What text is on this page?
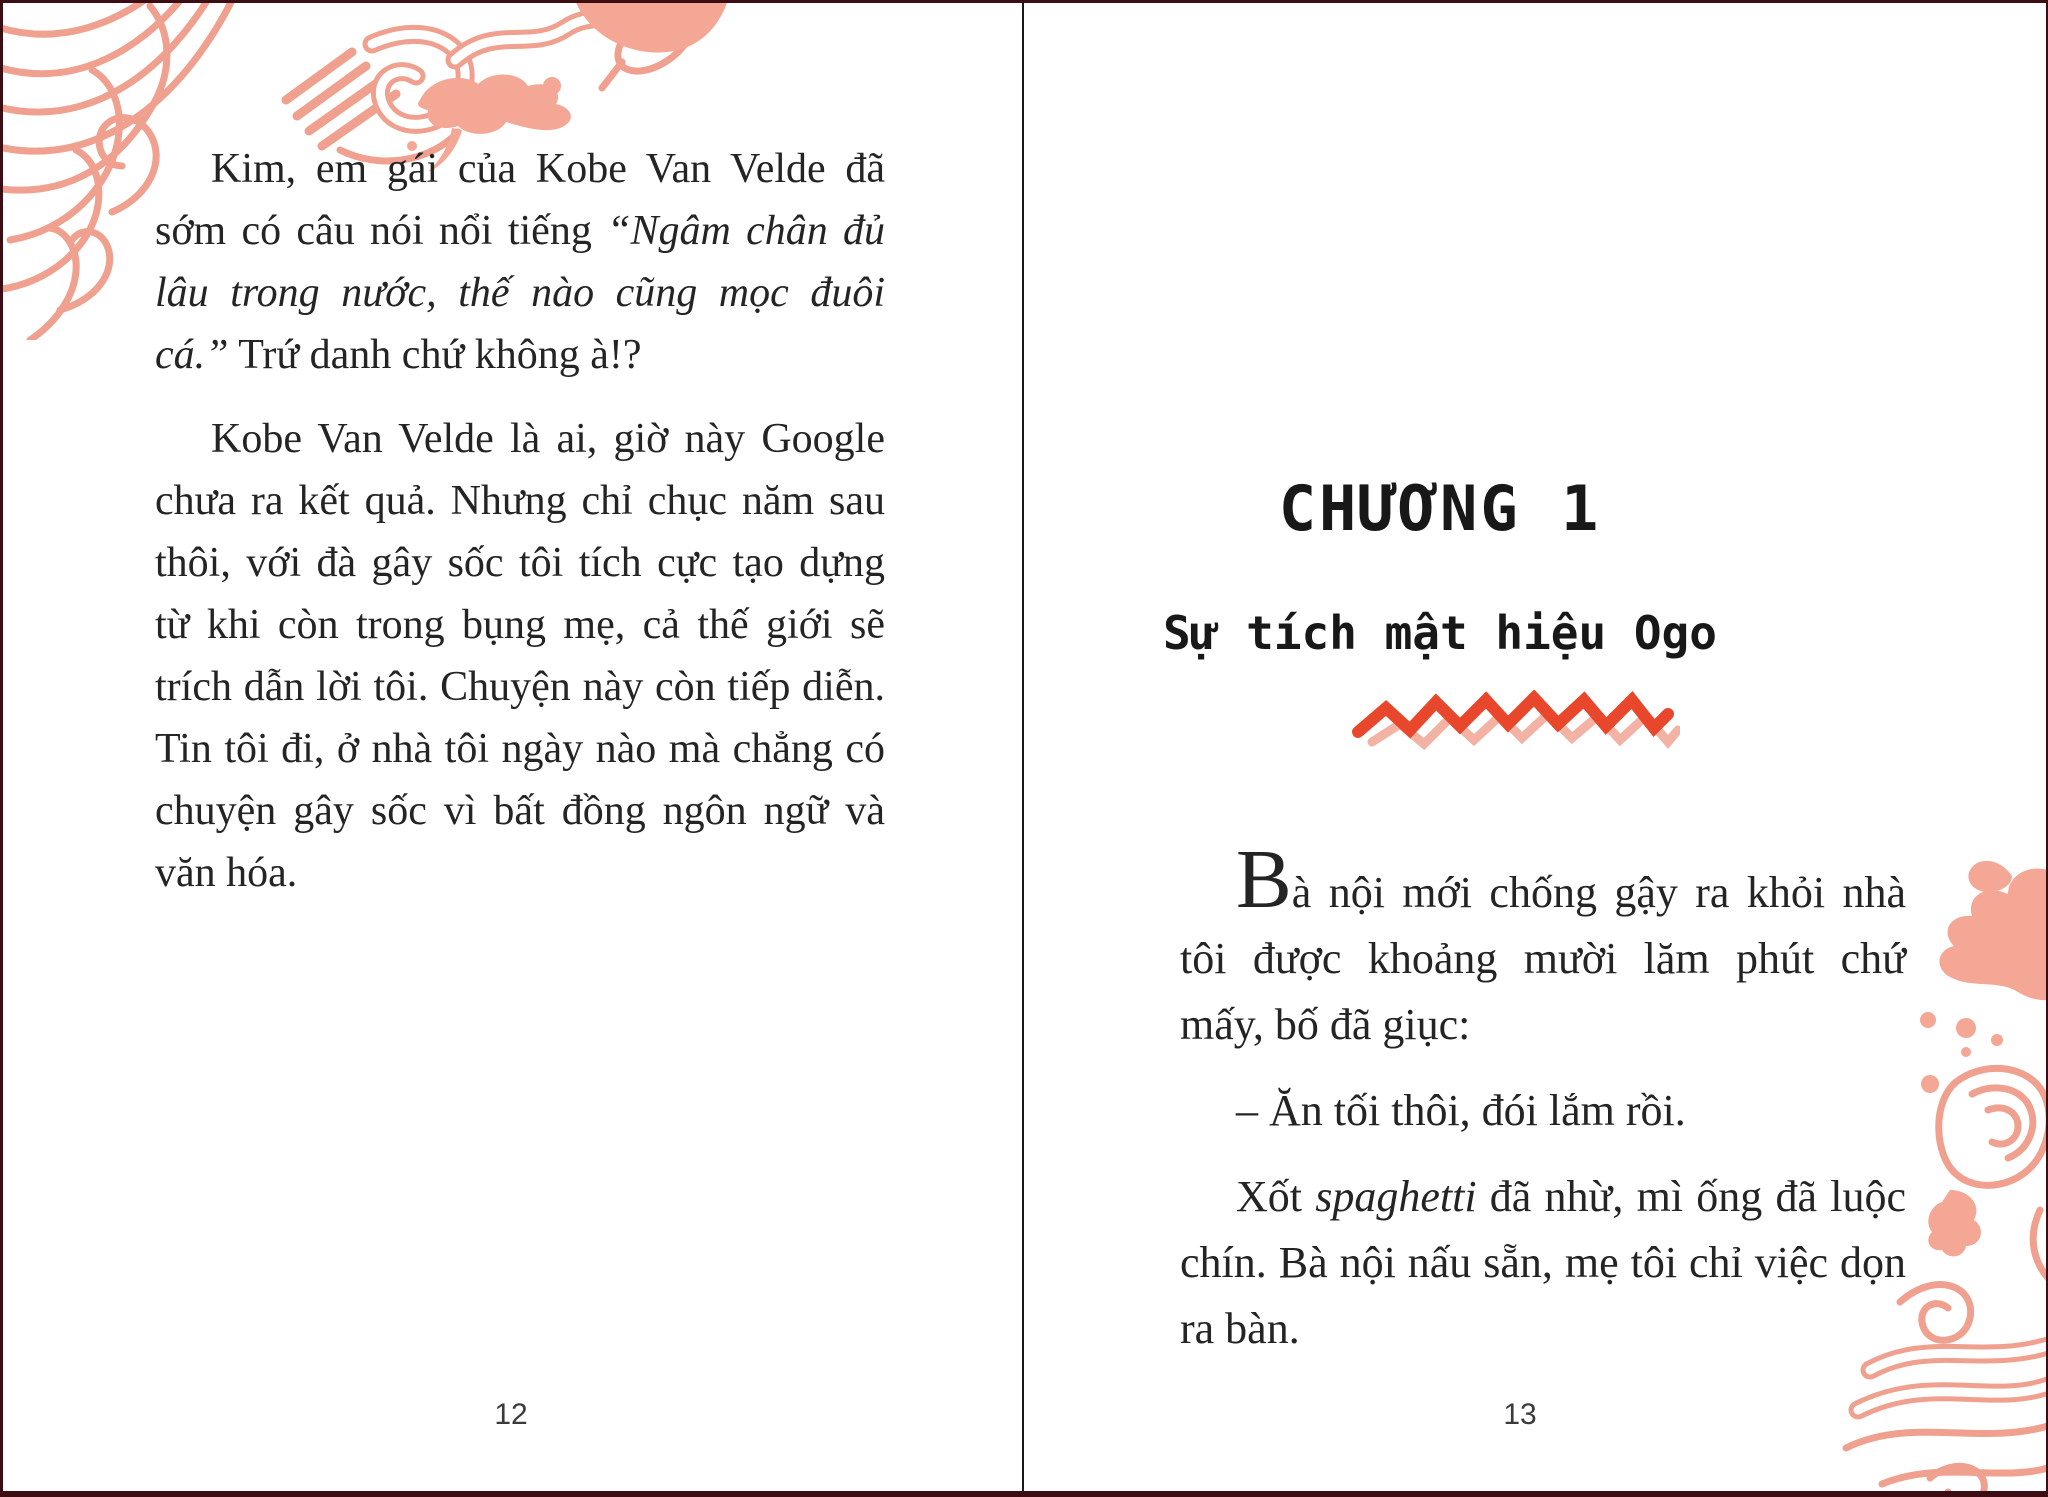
Kim, em gái của Kobe Van Velde đã sớm có câu nói nổi tiếng “Ngâm chân đủ lâu trong nước, thế nào cũng mọc đuôi cá.” Trứ danh chứ không à!?

Kobe Van Velde là ai, giờ này Google chưa ra kết quả. Nhưng chỉ chục năm sau thôi, với đà gây sốc tôi tích cực tạo dựng từ khi còn trong bụng mẹ, cả thế giới sẽ trích dẫn lời tôi. Chuyện này còn tiếp diễn. Tin tôi đi, ở nhà tôi ngày nào mà chẳng có chuyện gây sốc vì bất đồng ngôn ngữ và văn hóa.

12
CHƯƠNG 1
Sự tích mật hiệu Ogo

Bà nội mới chống gậy ra khỏi nhà tôi được khoảng mười lăm phút chứ mấy, bố đã giục:

– Ăn tối thôi, đói lắm rồi.

Xốt spaghetti đã nhừ, mì ống đã luộc chín. Bà nội nấu sẵn, mẹ tôi chỉ việc dọn ra bàn.

13
